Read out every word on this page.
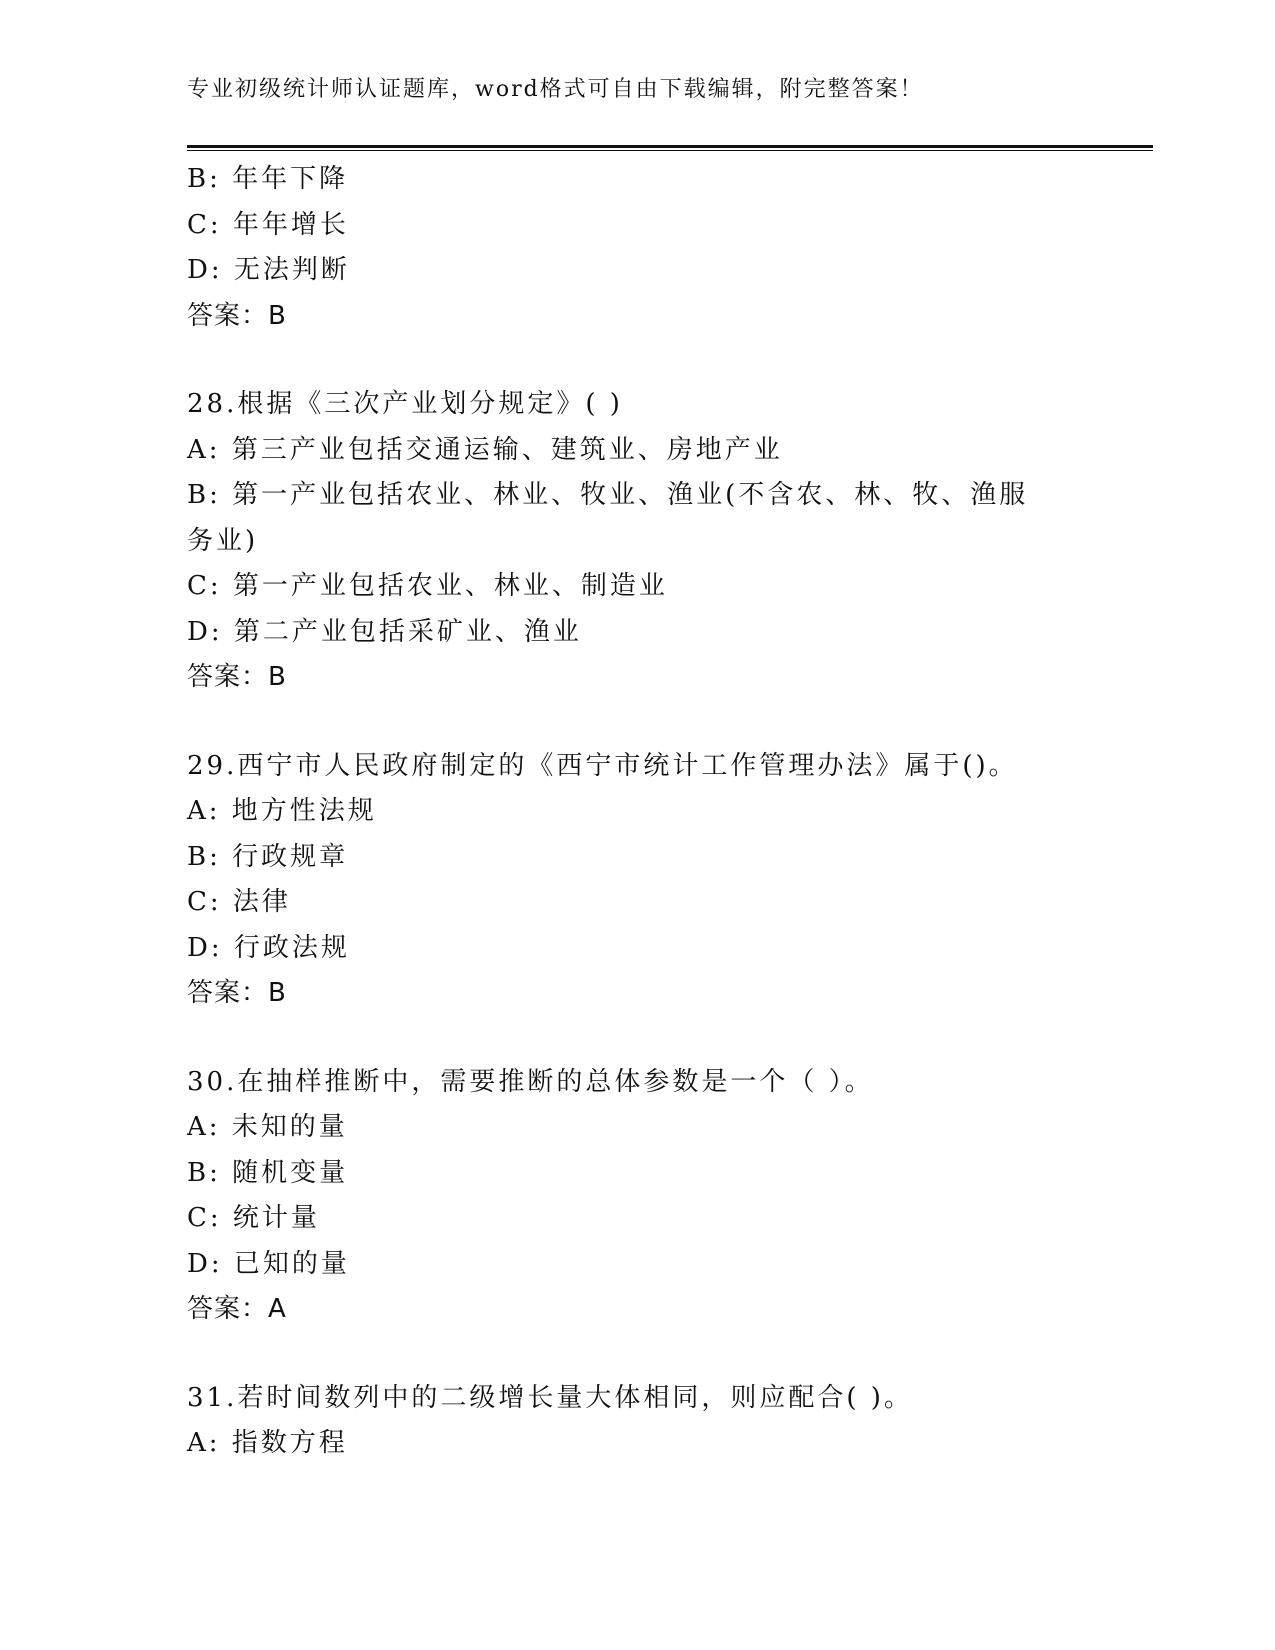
专业初级统计师认证题库，word格式可自由下载编辑，附完整答案！
B: 年年下降
C: 年年增长
D: 无法判断
答案：B
28.根据《三次产业划分规定》( )
A: 第三产业包括交通运输、建筑业、房地产业
B: 第一产业包括农业、林业、牧业、渔业(不含农、林、牧、渔服务业)
C: 第一产业包括农业、林业、制造业
D: 第二产业包括采矿业、渔业
答案：B
29.西宁市人民政府制定的《西宁市统计工作管理办法》属于()。
A: 地方性法规
B: 行政规章
C: 法律
D: 行政法规
答案：B
30.在抽样推断中，需要推断的总体参数是一个（ ）。
A: 未知的量
B: 随机变量
C: 统计量
D: 已知的量
答案：A
31.若时间数列中的二级增长量大体相同，则应配合( )。
A: 指数方程
